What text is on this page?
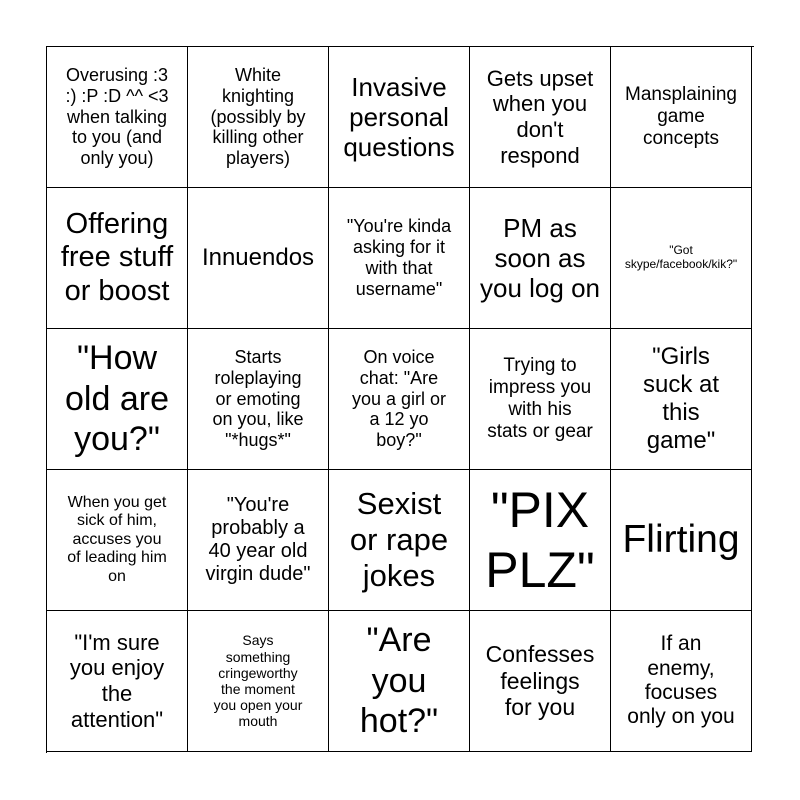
Overusing :3
:) :P :D ^^ <3
when talking
to you (and
only you)
White
knighting
(possibly by
killing other
players)
Invasive
personal
questions
Gets upset
when you
don't
respond
Mansplaining
game
concepts
Offering
free stuff
or boost
Innuendos
"You're kinda
asking for it
with that
username"
PM as
soon as
you log on
"Got
skype/facebook/kik?"
"How
old are
you?"
Starts
roleplaying
or emoting
on you, like
"*hugs*"
On voice
chat: "Are
you a girl or
a 12 yo
boy?"
Trying to
impress you
with his
stats or gear
"Girls
suck at
this
game"
When you get
sick of him,
accuses you
of leading him
on
"You're
probably a
40 year old
virgin dude"
Sexist
or rape
jokes
"PIX
PLZ"
Flirting
"I'm sure
you enjoy
the
attention"
Says
something
cringeworthy
the moment
you open your
mouth
"Are
you
hot?"
Confesses
feelings
for you
If an
enemy,
focuses
only on you
